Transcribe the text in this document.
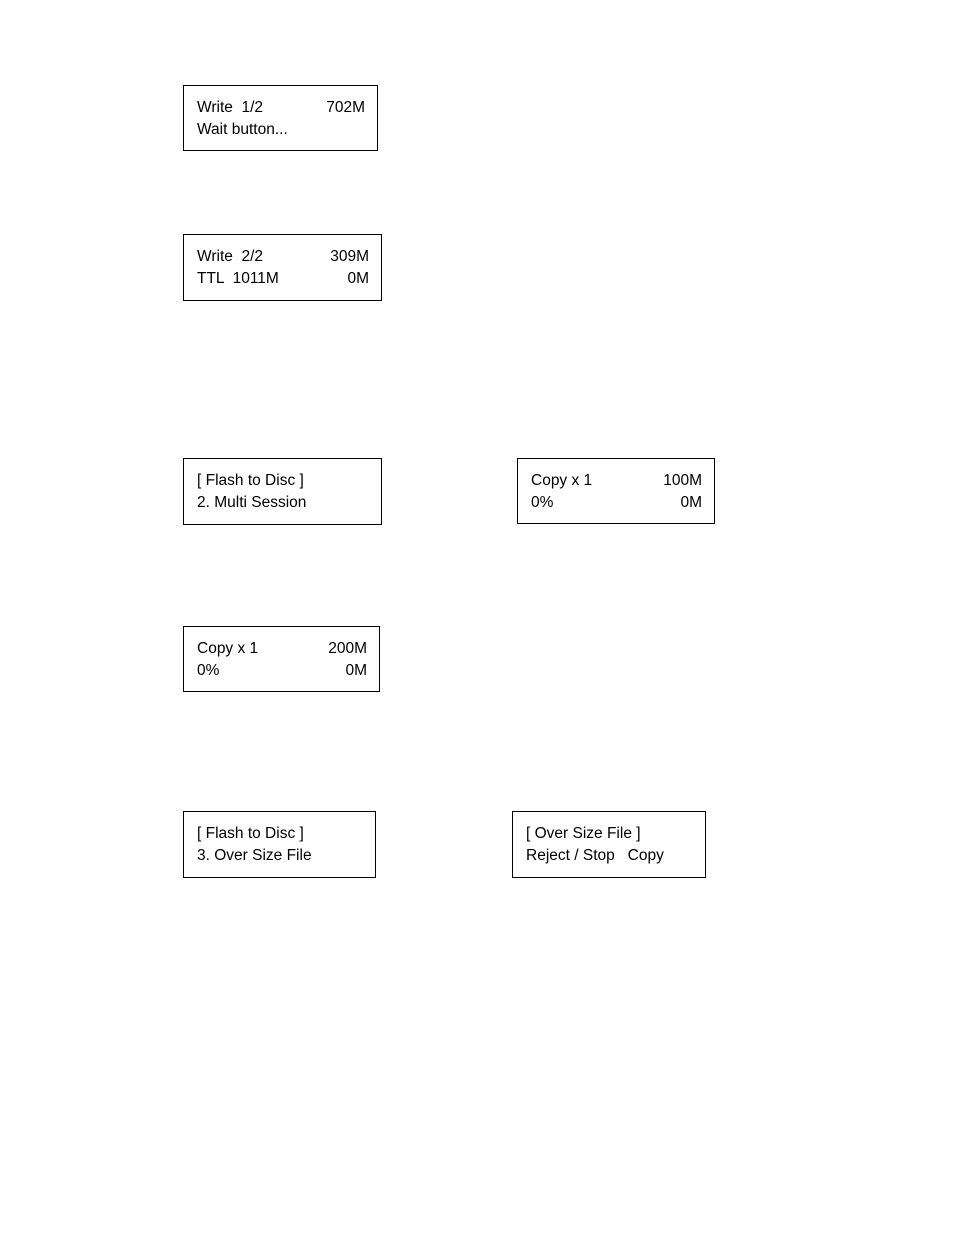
Write  1/2	702M
Wait button...
Write  2/2	309M
TTL  1011M	0M
[ Flash to Disc ]
2. Multi Session
Copy x 1	100M
0%	0M
Copy x 1	200M
0%	0M
[ Flash to Disc ]
3. Over Size File
[ Over Size File ]
Reject / Stop   Copy
